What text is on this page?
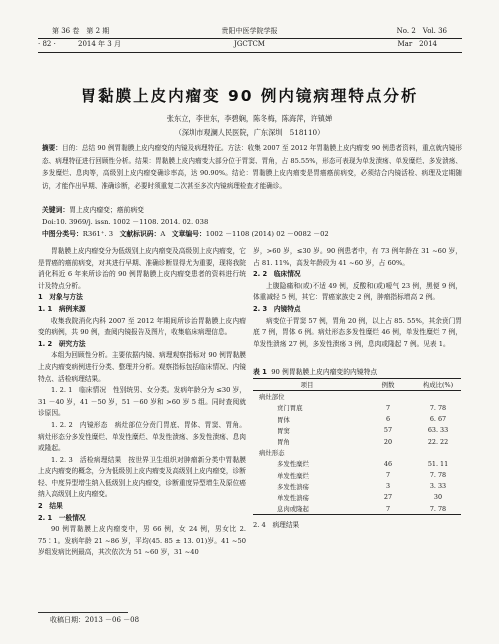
第 36 卷　第 2 期	贵阳中医学院学报	No. 2　Vol. 36
· 82 ·	2014 年 3 月	JGCTCM	Mar　2014
胃黏膜上皮内瘤变 90 例内镜病理特点分析
张东立，李世东，李碧娴，陈冬梅，陈海萍，许镇婵
（深圳市观澜人民医院，广东深圳　518110）
摘要：目的：总结 90 例胃黏膜上皮内瘤变的内镜及病理特征。方法：收集 2007 至 2012 年胃黏膜上皮内瘤变 90 例患者资料，重点就内镜形态、病理特征进行回顾性分析。结果：胃黏膜上皮内瘤变大部分位于胃窦、胃角，占 85.55%，形态可表现为单发溃疡、单发糜烂、多发溃疡、多发糜烂、息肉等，高级别上皮内瘤变确诊率高，达 90.90%。结论：胃黏膜上皮内瘤变是胃癌癌前病变，必须结合内镜活检、病理及定期随访，才能作出早期、准确诊断，必要时须重复二次甚至多次内镜病理检查才能确诊。
关键词：胃上皮内瘤变；癌前病变
Doi:10. 3969/j. issn. 1002 －1108. 2014. 02. 038
中图分类号：R361⁺. 3 文献标识码：A 文章编号：1002 －1108 (2014) 02 －0082 －02

胃黏膜上皮内瘤变分为低级别上皮内瘤变及高级别上皮内瘤变，它是胃癌的癌前病变，对其进行早期、准确诊断显得尤为重要，现将我院消化科近 6 年来所诊治的 90 例胃黏膜上皮内瘤变患者的资料进行统计及特点分析。

1　对象与方法

1. 1　病例来源

收集我院消化内科 2007 至 2012 年期间所诊治胃黏膜上皮内瘤变的病例，共 90 例，查阅内镜报告及图片，收集临床病理信息。

1. 2　研究方法

本组为回顾性分析。主要依据内镜、病理观察指标对 90 例胃黏膜上皮内瘤变病例进行分类、整理并分析。观察指标包括临床情况、内镜特点、活检病理结果。

1. 2. 1　临床情况　性别统男、女分类。发病年龄分为 ≤30 岁，31 －40 岁，41 －50 岁，51 －60 岁和 >60 岁 5 组。同时查阅就诊原因。

1. 2. 2　内镜形态　病灶部位分贲门胃底、胃体、胃窦、胃角。病灶形态分多发性糜烂、单发性糜烂、单发性溃疡、多发性溃疡、息肉或隆起。

1. 2. 3　活检病理结果　按世界卫生组织对肿瘤新分类中胃黏膜上皮内瘤变的概念，分为低级别上皮内瘤变及高级别上皮内瘤变，诊断轻、中度异型增生纳入低级别上皮内瘤变，诊断重度异型增生及原位癌纳入高级别上皮内瘤变。

2　结果

2. 1　一般情况

90 例胃黏膜上皮内瘤变中，男 66 例，女 24 例，男女比 2. 75∶1。发病年龄 21 ~86 岁，平均(45. 85 ± 13. 01)岁。41 ~50 岁组发病比例最高，其次依次为 51 ~60 岁，31 ~40

岁，>60 岁，≤30 岁。90 例患者中，有 73 例年龄在 31 ~60 岁，占 81. 11%，高发年龄段为 41 ~60 岁，占 60%。

2. 2　临床情况

上腹隐痛和(或)不适 49 例，反酸和(或)嗳气 23 例，黑便 9 例，体重减轻 5 例，其它：胃癌家族史 2 例，肿瘤指标增高 2 例。

2. 3　内镜特点

病变位于胃窦 57 例，胃角 20 例，以上占 85. 55%，其余贲门胃底 7 例，胃体 6 例。病灶形态多发性糜烂 46 例，单发性糜烂 7 例，单发性溃疡 27 例，多发性溃疡 3 例，息肉或隆起 7 例。见表 1。

表 1 90 例胃黏膜上皮内瘤变的内镜特点
项目	例数	构成比(%)
病灶部位		
贲门胃底	7	7. 78
胃体	6	6. 67
胃窦	57	63. 33
胃角	20	22. 22
病灶形态		
多发性糜烂	46	51. 11
单发性糜烂	7	7. 78
多发性溃疡	3	3. 33
单发性溃疡	27	30
息肉或隆起	7	7. 78
2. 4　病理结果
收稿日期：2013 －06 －08
